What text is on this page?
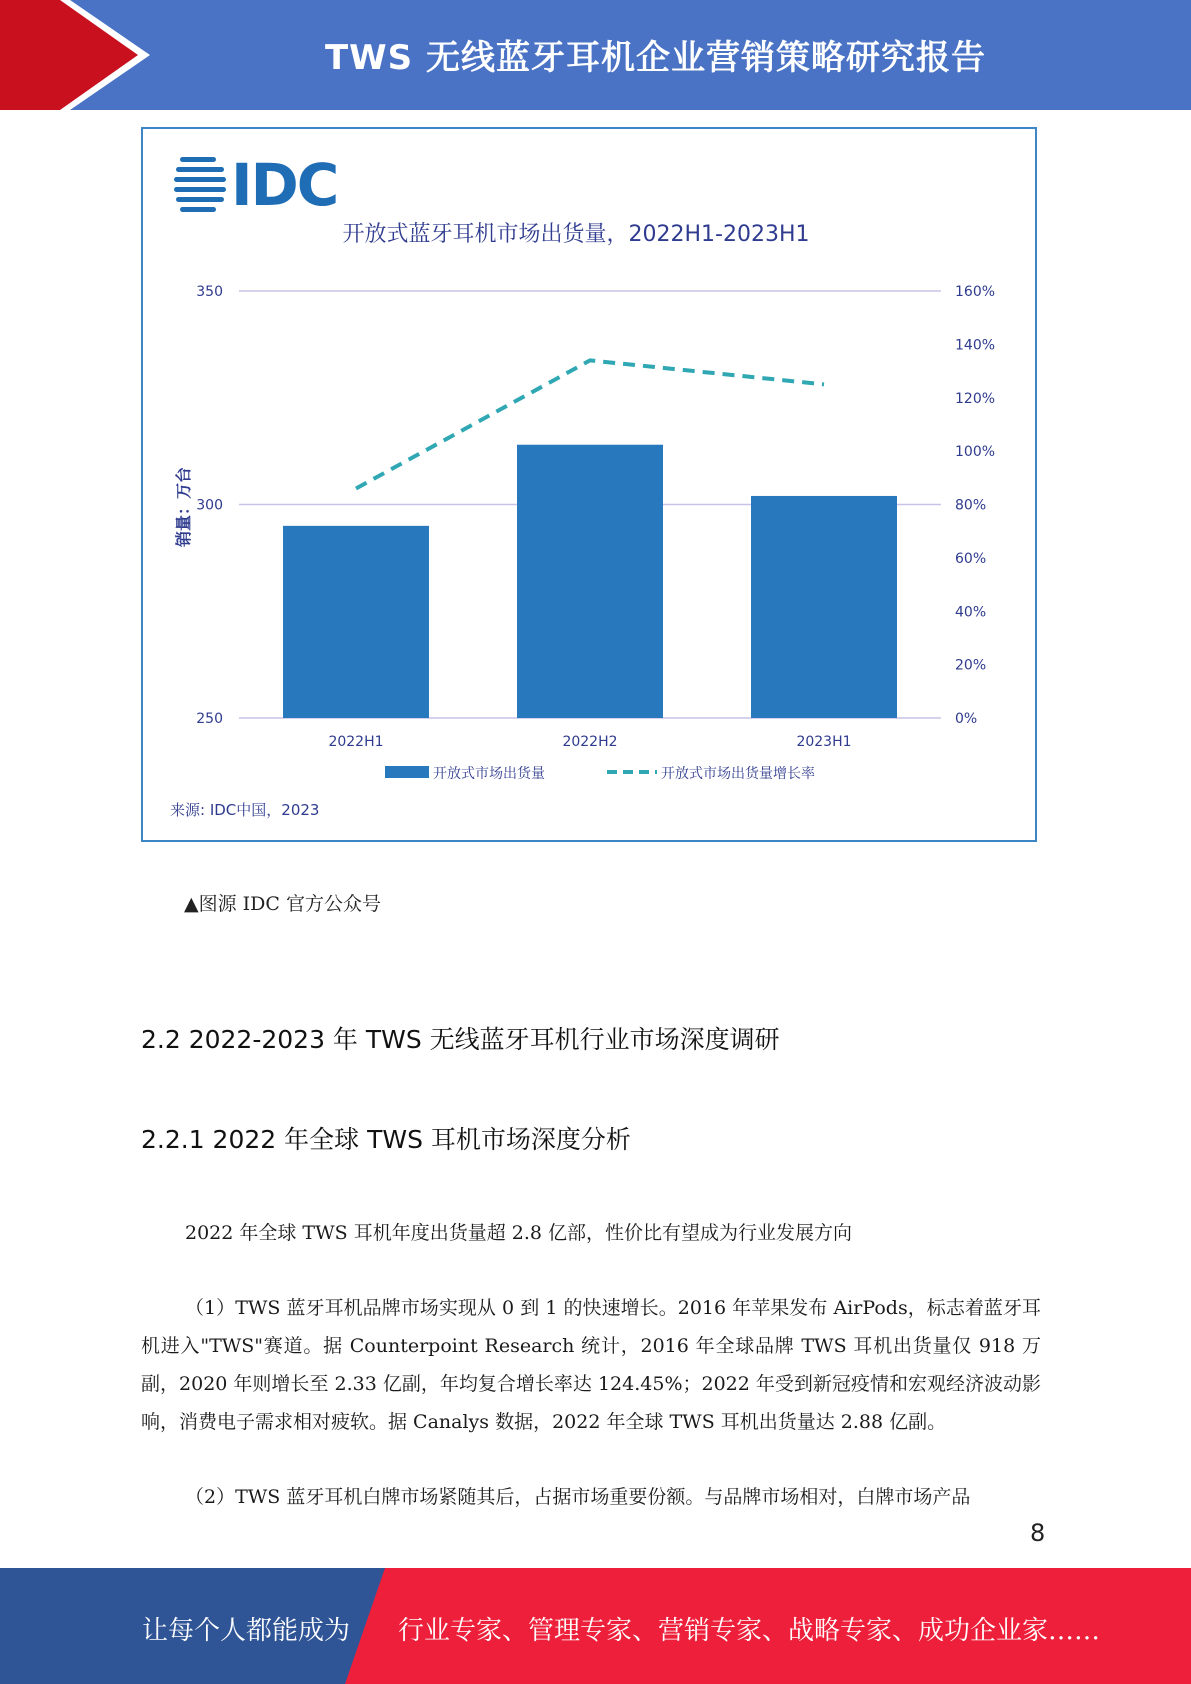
TWS 无线蓝牙耳机企业营销策略研究报告
IDC
开放式蓝牙耳机市场出货量，2022H1-2023H1
250
300
350
0%
20%
40%
60%
80%
100%
120%
140%
160%
2022H1	2022H2	2023H1
销量：万台
开放式市场出货量	开放式市场出货量增长率
来源: IDC中国，2023
▲图源 IDC 官方公众号
2.2 2022-2023 年 TWS 无线蓝牙耳机行业市场深度调研
2.2.1 2022 年全球 TWS 耳机市场深度分析
2022 年全球 TWS 耳机年度出货量超 2.8 亿部，性价比有望成为行业发展方向
（1）TWS 蓝牙耳机品牌市场实现从 0 到 1 的快速增长。2016 年苹果发布 AirPods，标志着蓝牙耳机进入"TWS"赛道。据 Counterpoint Research 统计，2016 年全球品牌 TWS 耳机出货量仅 918 万副，2020 年则增长至 2.33 亿副，年均复合增长率达 124.45%；2022 年受到新冠疫情和宏观经济波动影响，消费电子需求相对疲软。据 Canalys 数据，2022 年全球 TWS 耳机出货量达 2.88 亿副。
（2）TWS 蓝牙耳机白牌市场紧随其后，占据市场重要份额。与品牌市场相对，白牌市场产品
8
让每个人都能成为 行业专家、管理专家、营销专家、战略专家、成功企业家……
